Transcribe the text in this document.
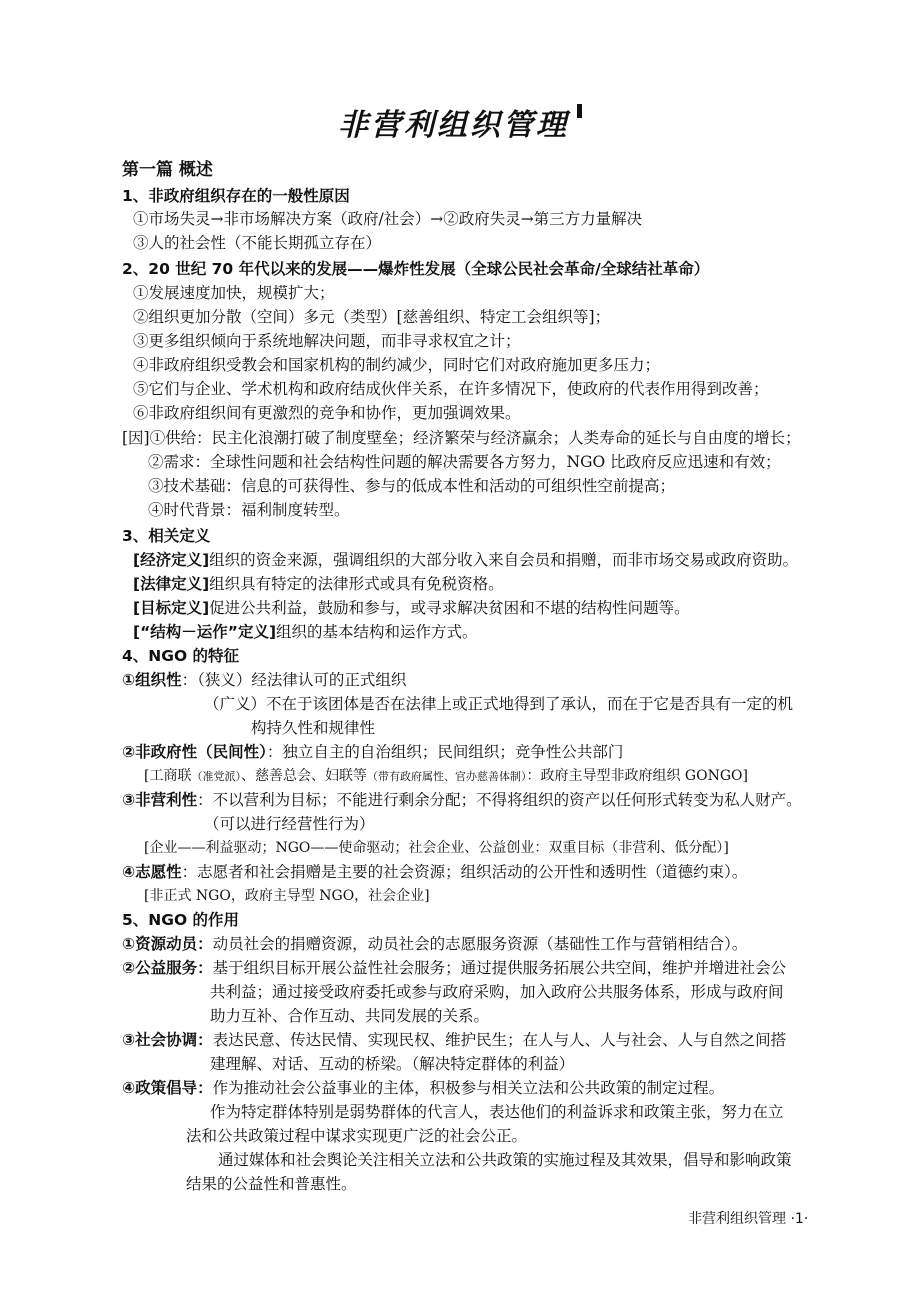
非营利组织管理
第一篇 概述
1、非政府组织存在的一般性原因
①市场失灵→非市场解决方案（政府/社会）→②政府失灵→第三方力量解决
③人的社会性（不能长期孤立存在）
2、20 世纪 70 年代以来的发展——爆炸性发展（全球公民社会革命/全球结社革命）
①发展速度加快，规模扩大；
②组织更加分散（空间）多元（类型）[慈善组织、特定工会组织等]；
③更多组织倾向于系统地解决问题，而非寻求权宜之计；
④非政府组织受教会和国家机构的制约减少，同时它们对政府施加更多压力；
⑤它们与企业、学术机构和政府结成伙伴关系，在许多情况下，使政府的代表作用得到改善；
⑥非政府组织间有更激烈的竞争和协作，更加强调效果。
[因]①供给：民主化浪潮打破了制度壁垒；经济繁荣与经济赢余；人类寿命的延长与自由度的增长；
②需求：全球性问题和社会结构性问题的解决需要各方努力，NGO 比政府反应迅速和有效；
③技术基础：信息的可获得性、参与的低成本性和活动的可组织性空前提高；
④时代背景：福利制度转型。
3、相关定义
[经济定义]组织的资金来源，强调组织的大部分收入来自会员和捐赠，而非市场交易或政府资助。
[法律定义]组织具有特定的法律形式或具有免税资格。
[目标定义]促进公共利益，鼓励和参与，或寻求解决贫困和不堪的结构性问题等。
[“结构－运作”定义]组织的基本结构和运作方式。
4、NGO 的特征
①组织性：（狭义）经法律认可的正式组织
（广义）不在于该团体是否在法律上或正式地得到了承认，而在于它是否具有一定的机
构持久性和规律性
②非政府性（民间性）：独立自主的自治组织；民间组织；竞争性公共部门
[工商联（准党派）、慈善总会、妇联等（带有政府属性、官办慈善体制）：政府主导型非政府组织 GONGO]
③非营利性：不以营利为目标；不能进行剩余分配；不得将组织的资产以任何形式转变为私人财产。
（可以进行经营性行为）
[企业——利益驱动；NGO——使命驱动；社会企业、公益创业：双重目标（非营利、低分配）]
④志愿性：志愿者和社会捐赠是主要的社会资源；组织活动的公开性和透明性（道德约束）。
[非正式 NGO，政府主导型 NGO，社会企业]
5、NGO 的作用
①资源动员：动员社会的捐赠资源，动员社会的志愿服务资源（基础性工作与营销相结合）。
②公益服务：基于组织目标开展公益性社会服务；通过提供服务拓展公共空间，维护并增进社会公
共利益；通过接受政府委托或参与政府采购，加入政府公共服务体系，形成与政府间
助力互补、合作互动、共同发展的关系。
③社会协调：表达民意、传达民情、实现民权、维护民生；在人与人、人与社会、人与自然之间搭
建理解、对话、互动的桥梁。（解决特定群体的利益）
④政策倡导：作为推动社会公益事业的主体，积极参与相关立法和公共政策的制定过程。
作为特定群体特别是弱势群体的代言人，表达他们的利益诉求和政策主张，努力在立
法和公共政策过程中谋求实现更广泛的社会公正。
通过媒体和社会舆论关注相关立法和公共政策的实施过程及其效果，倡导和影响政策
结果的公益性和普惠性。
非营利组织管理 ·1·
